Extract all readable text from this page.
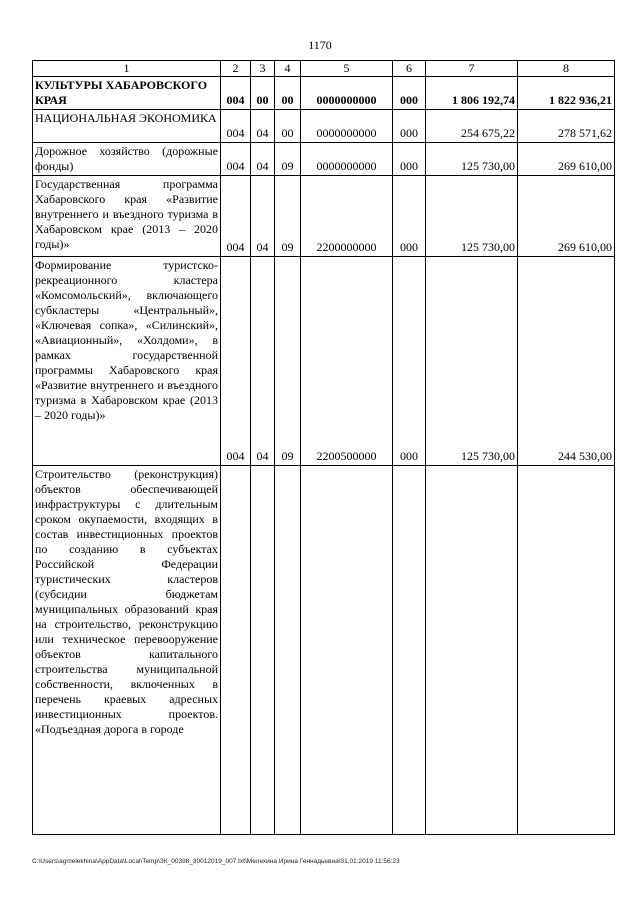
1170
1	2	3	4	5	6	7	8
КУЛЬТУРЫ ХАБАРОВСКОГО КРАЯ	004	00	00	0000000000	000	1 806 192,74	1 822 936,21
НАЦИОНАЛЬНАЯ ЭКОНОМИКА	004	04	00	0000000000	000	254 675,22	278 571,62
Дорожное хозяйство (дорожные фонды)	004	04	09	0000000000	000	125 730,00	269 610,00
Государственная программа Хабаровского края «Развитие внутреннего и въездного туризма в Хабаровском крае (2013 – 2020 годы)»	004	04	09	2200000000	000	125 730,00	269 610,00
Формирование туристско-рекреационного кластера «Комсомольский», включающего субкластеры «Центральный», «Ключевая сопка», «Силинский», «Авиационный», «Холдоми», в рамках государственной программы Хабаровского края «Развитие внутреннего и въездного туризма в Хабаровском крае (2013 – 2020 годы)»	004	04	09	2200500000	000	125 730,00	244 530,00
Строительство (реконструкция) объектов обеспечивающей инфраструктуры с длительным сроком окупаемости, входящих в состав инвестиционных проектов по созданию в субъектах Российской Федерации туристических кластеров (субсидии бюджетам муниципальных образований края на строительство, реконструкцию или техническое перевооружение объектов капитального строительства муниципальной собственности, включенных в перечень краевых адресных инвестиционных проектов. «Подъездная дорога в городе							
C:\Users\agmelekhina\AppData\Local\Temp\ЗК_00398_30012019_007.txt\Мелехина Ирина Геннадьевна\31.01.2019 11:56:23
